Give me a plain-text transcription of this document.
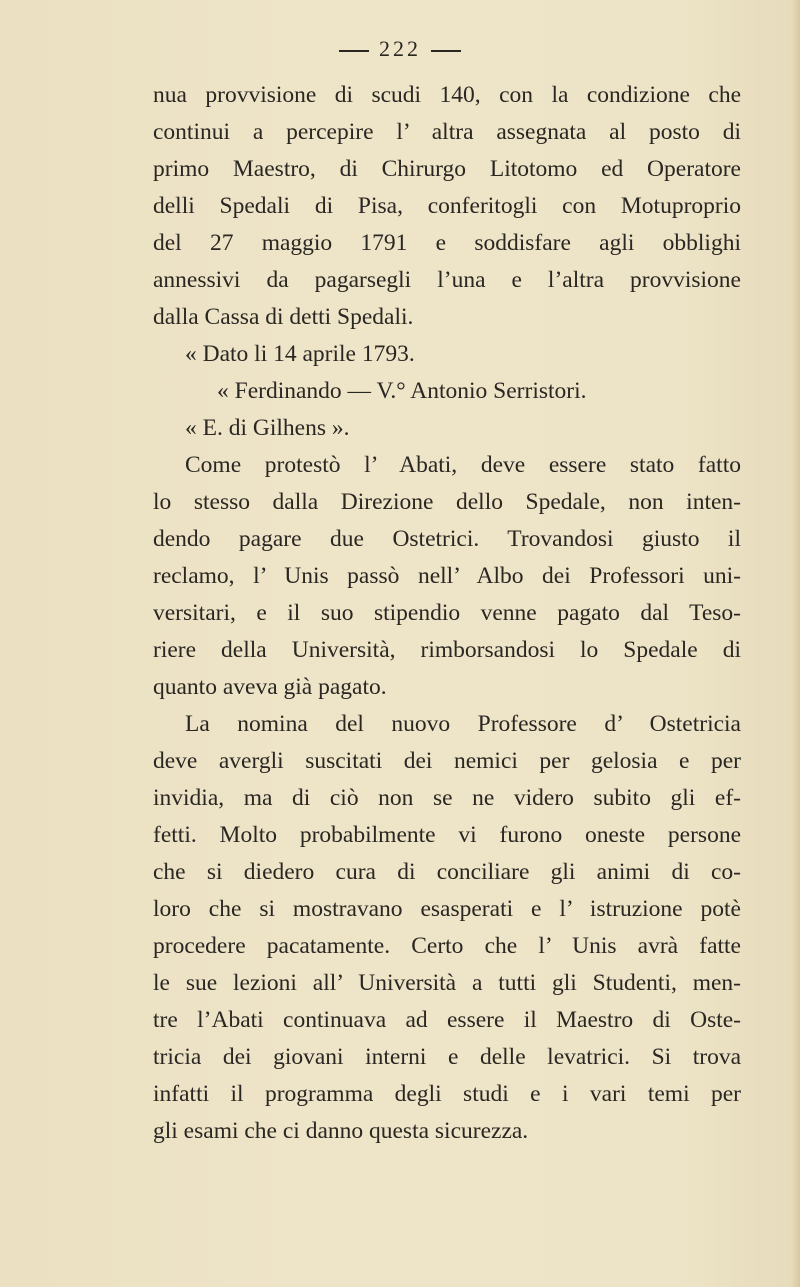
222
nua provvisione di scudi 140, con la condizione che
continui a percepire l’ altra assegnata al posto di
primo Maestro, di Chirurgo Litotomo ed Operatore
delli Spedali di Pisa, conferitogli con Motuproprio
del 27 maggio 1791 e soddisfare agli obblighi
annessivi da pagarsegli l’una e l’altra provvisione
dalla Cassa di detti Spedali.
« Dato li 14 aprile 1793.
« Ferdinando — V.° Antonio Serristori.
« E. di Gilhens ».
Come protestò l’ Abati, deve essere stato fatto
lo stesso dalla Direzione dello Spedale, non inten-
dendo pagare due Ostetrici. Trovandosi giusto il
reclamo, l’ Unis passò nell’ Albo dei Professori uni-
versitari, e il suo stipendio venne pagato dal Teso-
riere della Università, rimborsandosi lo Spedale di
quanto aveva già pagato.
La nomina del nuovo Professore d’ Ostetricia
deve avergli suscitati dei nemici per gelosia e per
invidia, ma di ciò non se ne videro subito gli ef-
fetti. Molto probabilmente vi furono oneste persone
che si diedero cura di conciliare gli animi di co-
loro che si mostravano esasperati e l’ istruzione potè
procedere pacatamente. Certo che l’ Unis avrà fatte
le sue lezioni all’ Università a tutti gli Studenti, men-
tre l’Abati continuava ad essere il Maestro di Oste-
tricia dei giovani interni e delle levatrici. Si trova
infatti il programma degli studi e i vari temi per
gli esami che ci danno questa sicurezza.
